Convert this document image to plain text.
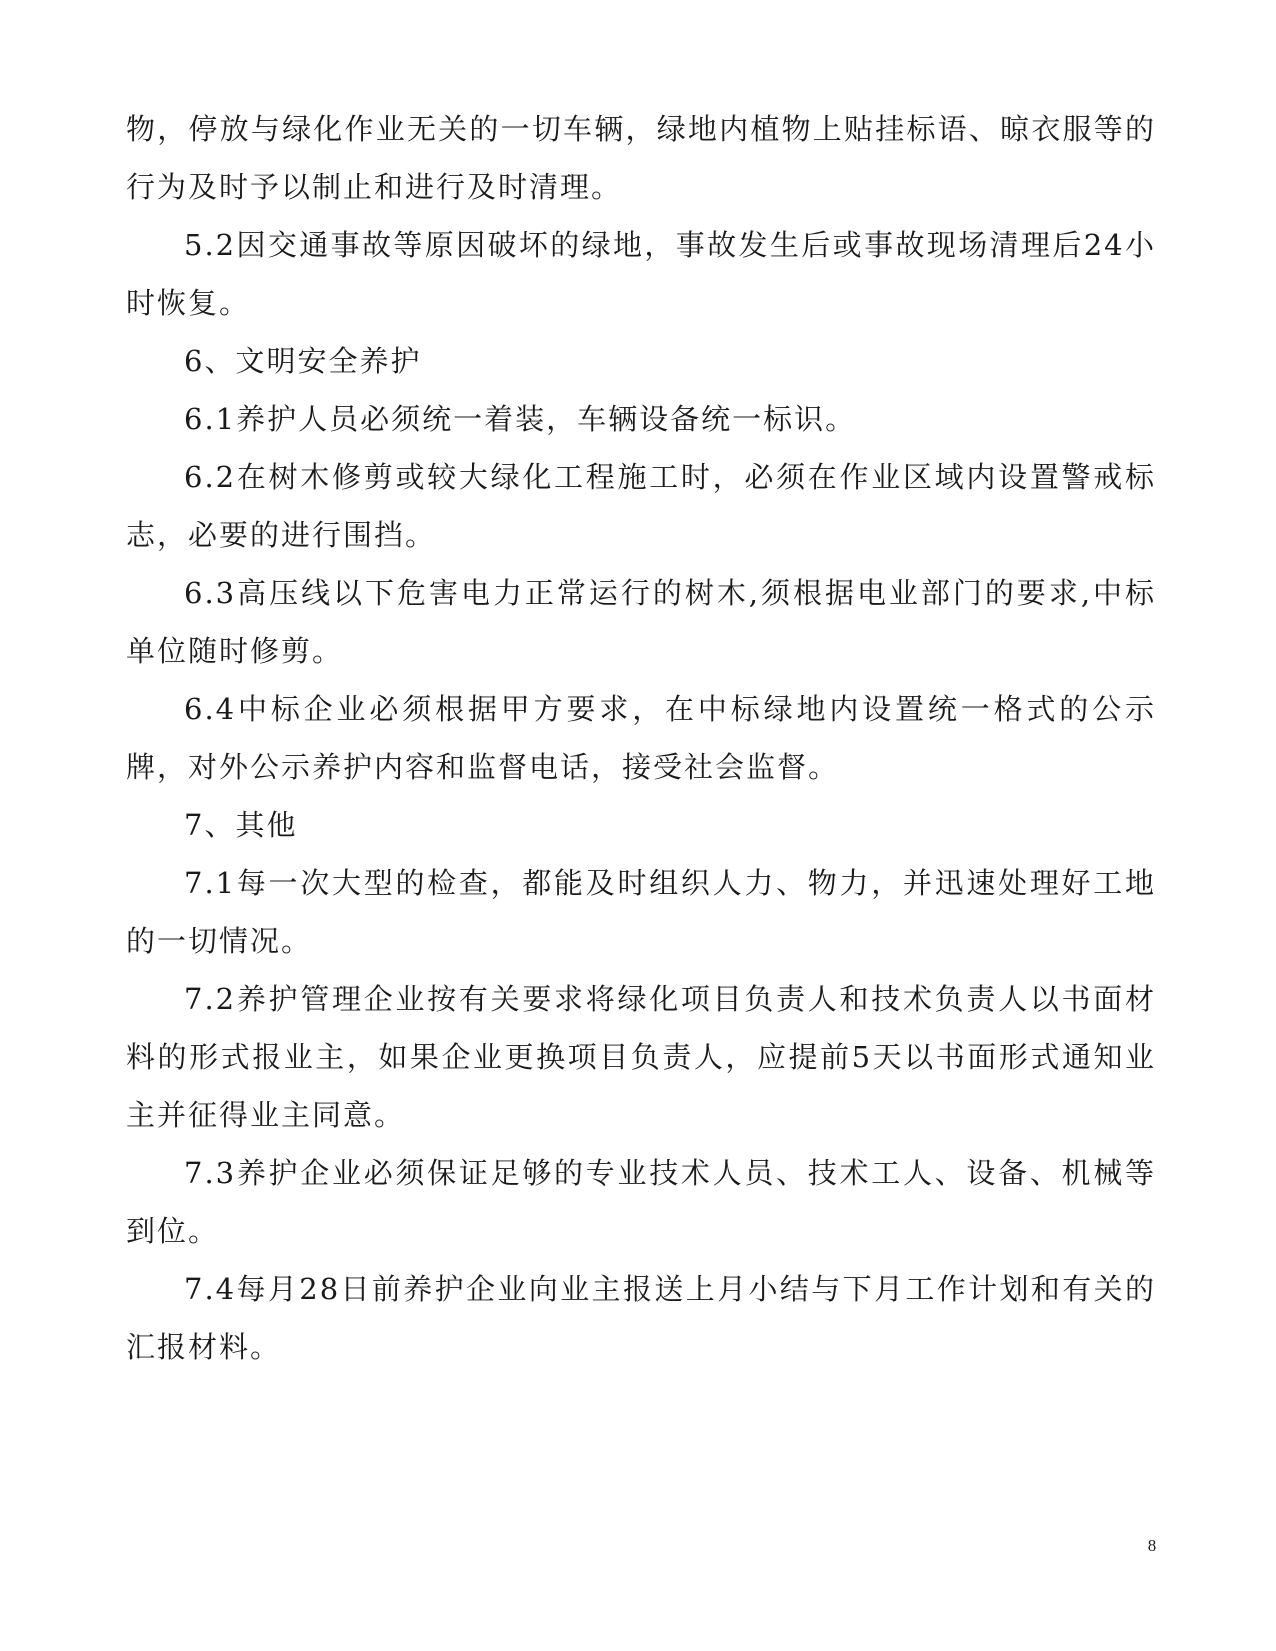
物，停放与绿化作业无关的一切车辆，绿地内植物上贴挂标语、晾衣服等的行为及时予以制止和进行及时清理。

5.2因交通事故等原因破坏的绿地，事故发生后或事故现场清理后24小时恢复。

6、文明安全养护

6.1养护人员必须统一着装，车辆设备统一标识。

6.2在树木修剪或较大绿化工程施工时，必须在作业区域内设置警戒标志，必要的进行围挡。

6.3高压线以下危害电力正常运行的树木,须根据电业部门的要求,中标单位随时修剪。

6.4中标企业必须根据甲方要求，在中标绿地内设置统一格式的公示牌，对外公示养护内容和监督电话，接受社会监督。

7、其他

7.1每一次大型的检查，都能及时组织人力、物力，并迅速处理好工地的一切情况。

7.2养护管理企业按有关要求将绿化项目负责人和技术负责人以书面材料的形式报业主，如果企业更换项目负责人，应提前5天以书面形式通知业主并征得业主同意。

7.3养护企业必须保证足够的专业技术人员、技术工人、设备、机械等到位。

7.4每月28日前养护企业向业主报送上月小结与下月工作计划和有关的汇报材料。

8
